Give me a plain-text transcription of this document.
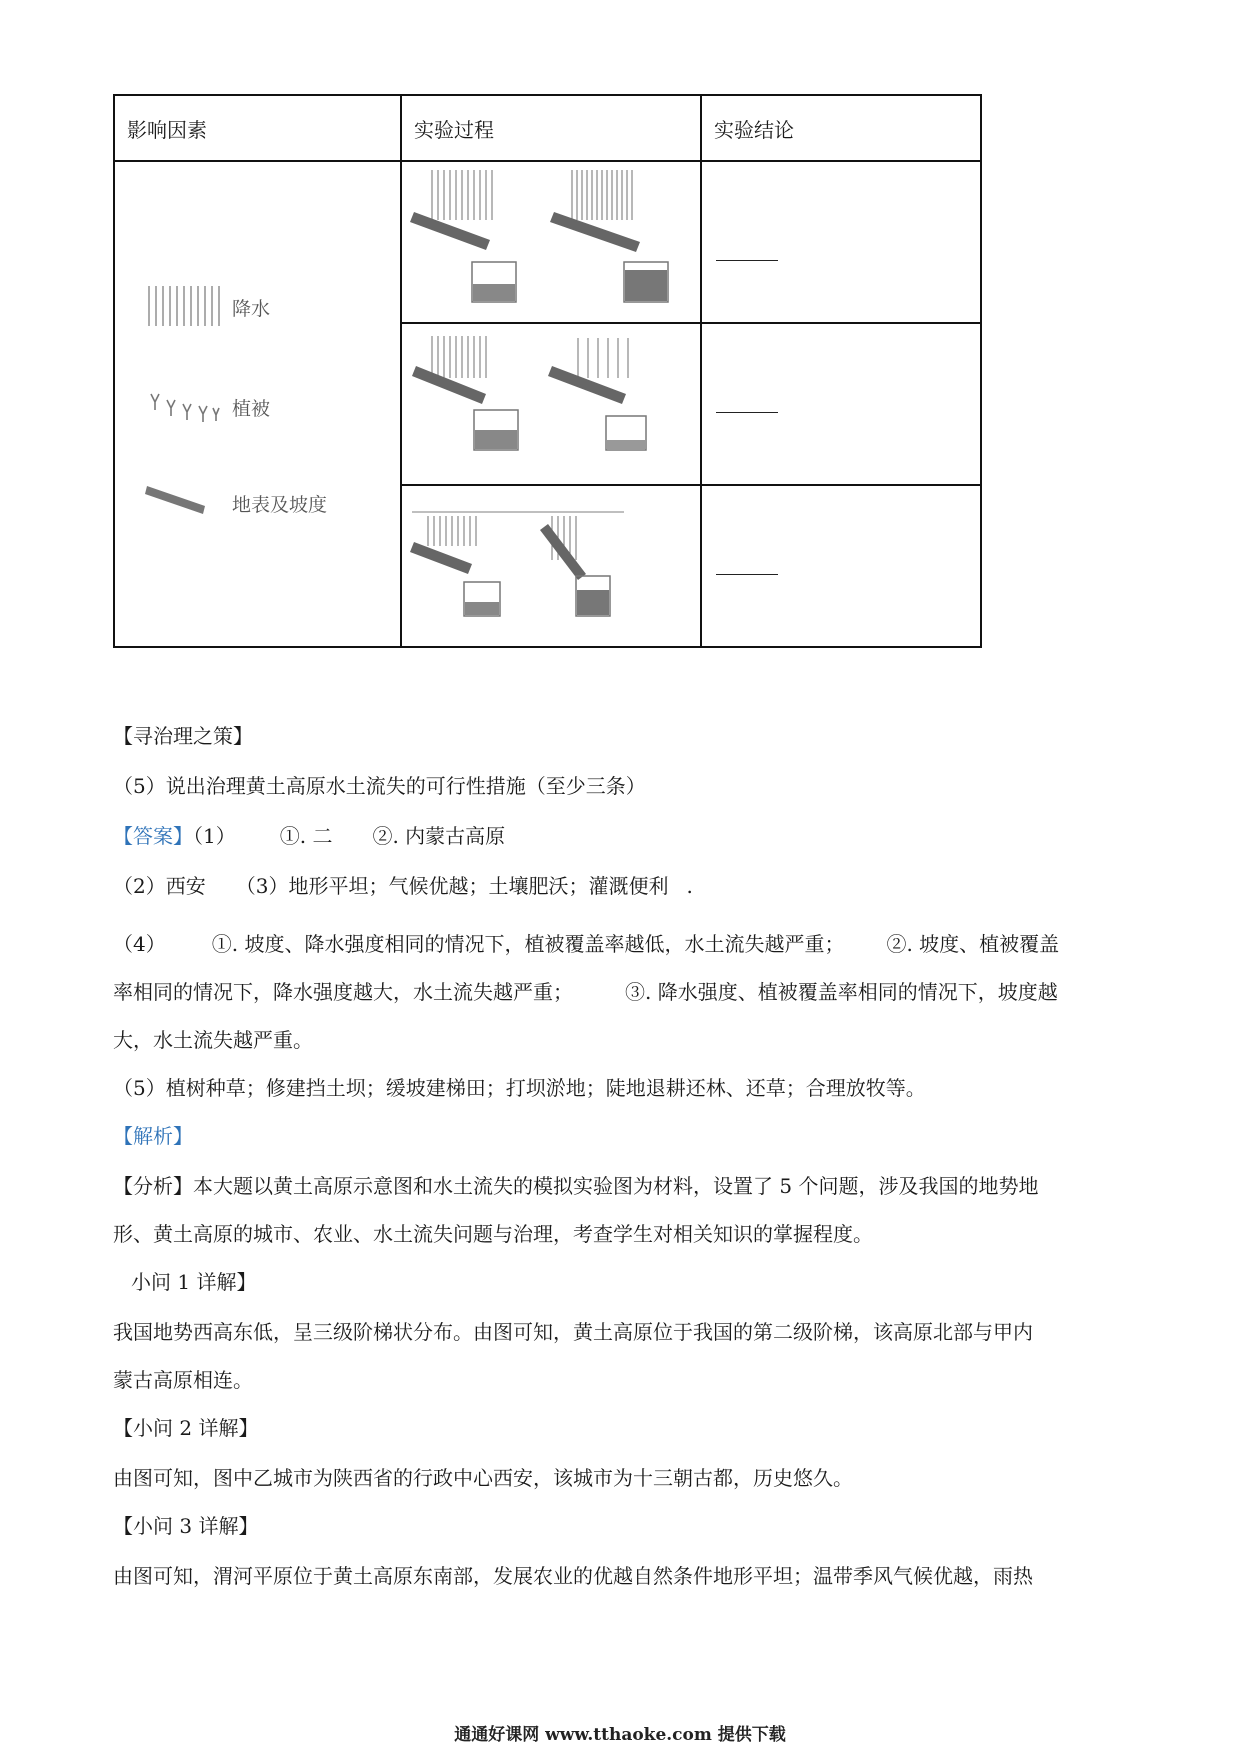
影响因素	实验过程	实验结论

降水
植被
地表及坡度

【寻治理之策】
（5）说出治理黄土高原水土流失的可行性措施（至少三条）
【答案】（1） ①. 二 ②. 内蒙古高原
（2）西安 （3）地形平坦；气候优越；土壤肥沃；灌溉便利 .
（4） ①. 坡度、降水强度相同的情况下，植被覆盖率越低，水土流失越严重； ②. 坡度、植被覆盖
率相同的情况下，降水强度越大，水土流失越严重；	③. 降水强度、植被覆盖率相同的情况下，坡度越
大，水土流失越严重。
（5）植树种草；修建挡土坝；缓坡建梯田；打坝淤地；陡地退耕还林、还草；合理放牧等。
【解析】
【分析】本大题以黄土高原示意图和水土流失的模拟实验图为材料，设置了 5 个问题，涉及我国的地势地
形、黄土高原的城市、农业、水土流失问题与治理，考查学生对相关知识的掌握程度。
小问 1 详解】
我国地势西高东低，呈三级阶梯状分布。由图可知，黄土高原位于我国的第二级阶梯，该高原北部与甲内
蒙古高原相连。
【小问 2 详解】
由图可知，图中乙城市为陕西省的行政中心西安，该城市为十三朝古都，历史悠久。
【小问 3 详解】
由图可知，渭河平原位于黄土高原东南部，发展农业的优越自然条件地形平坦；温带季风气候优越，雨热
通通好课网 www.tthaoke.com 提供下载
